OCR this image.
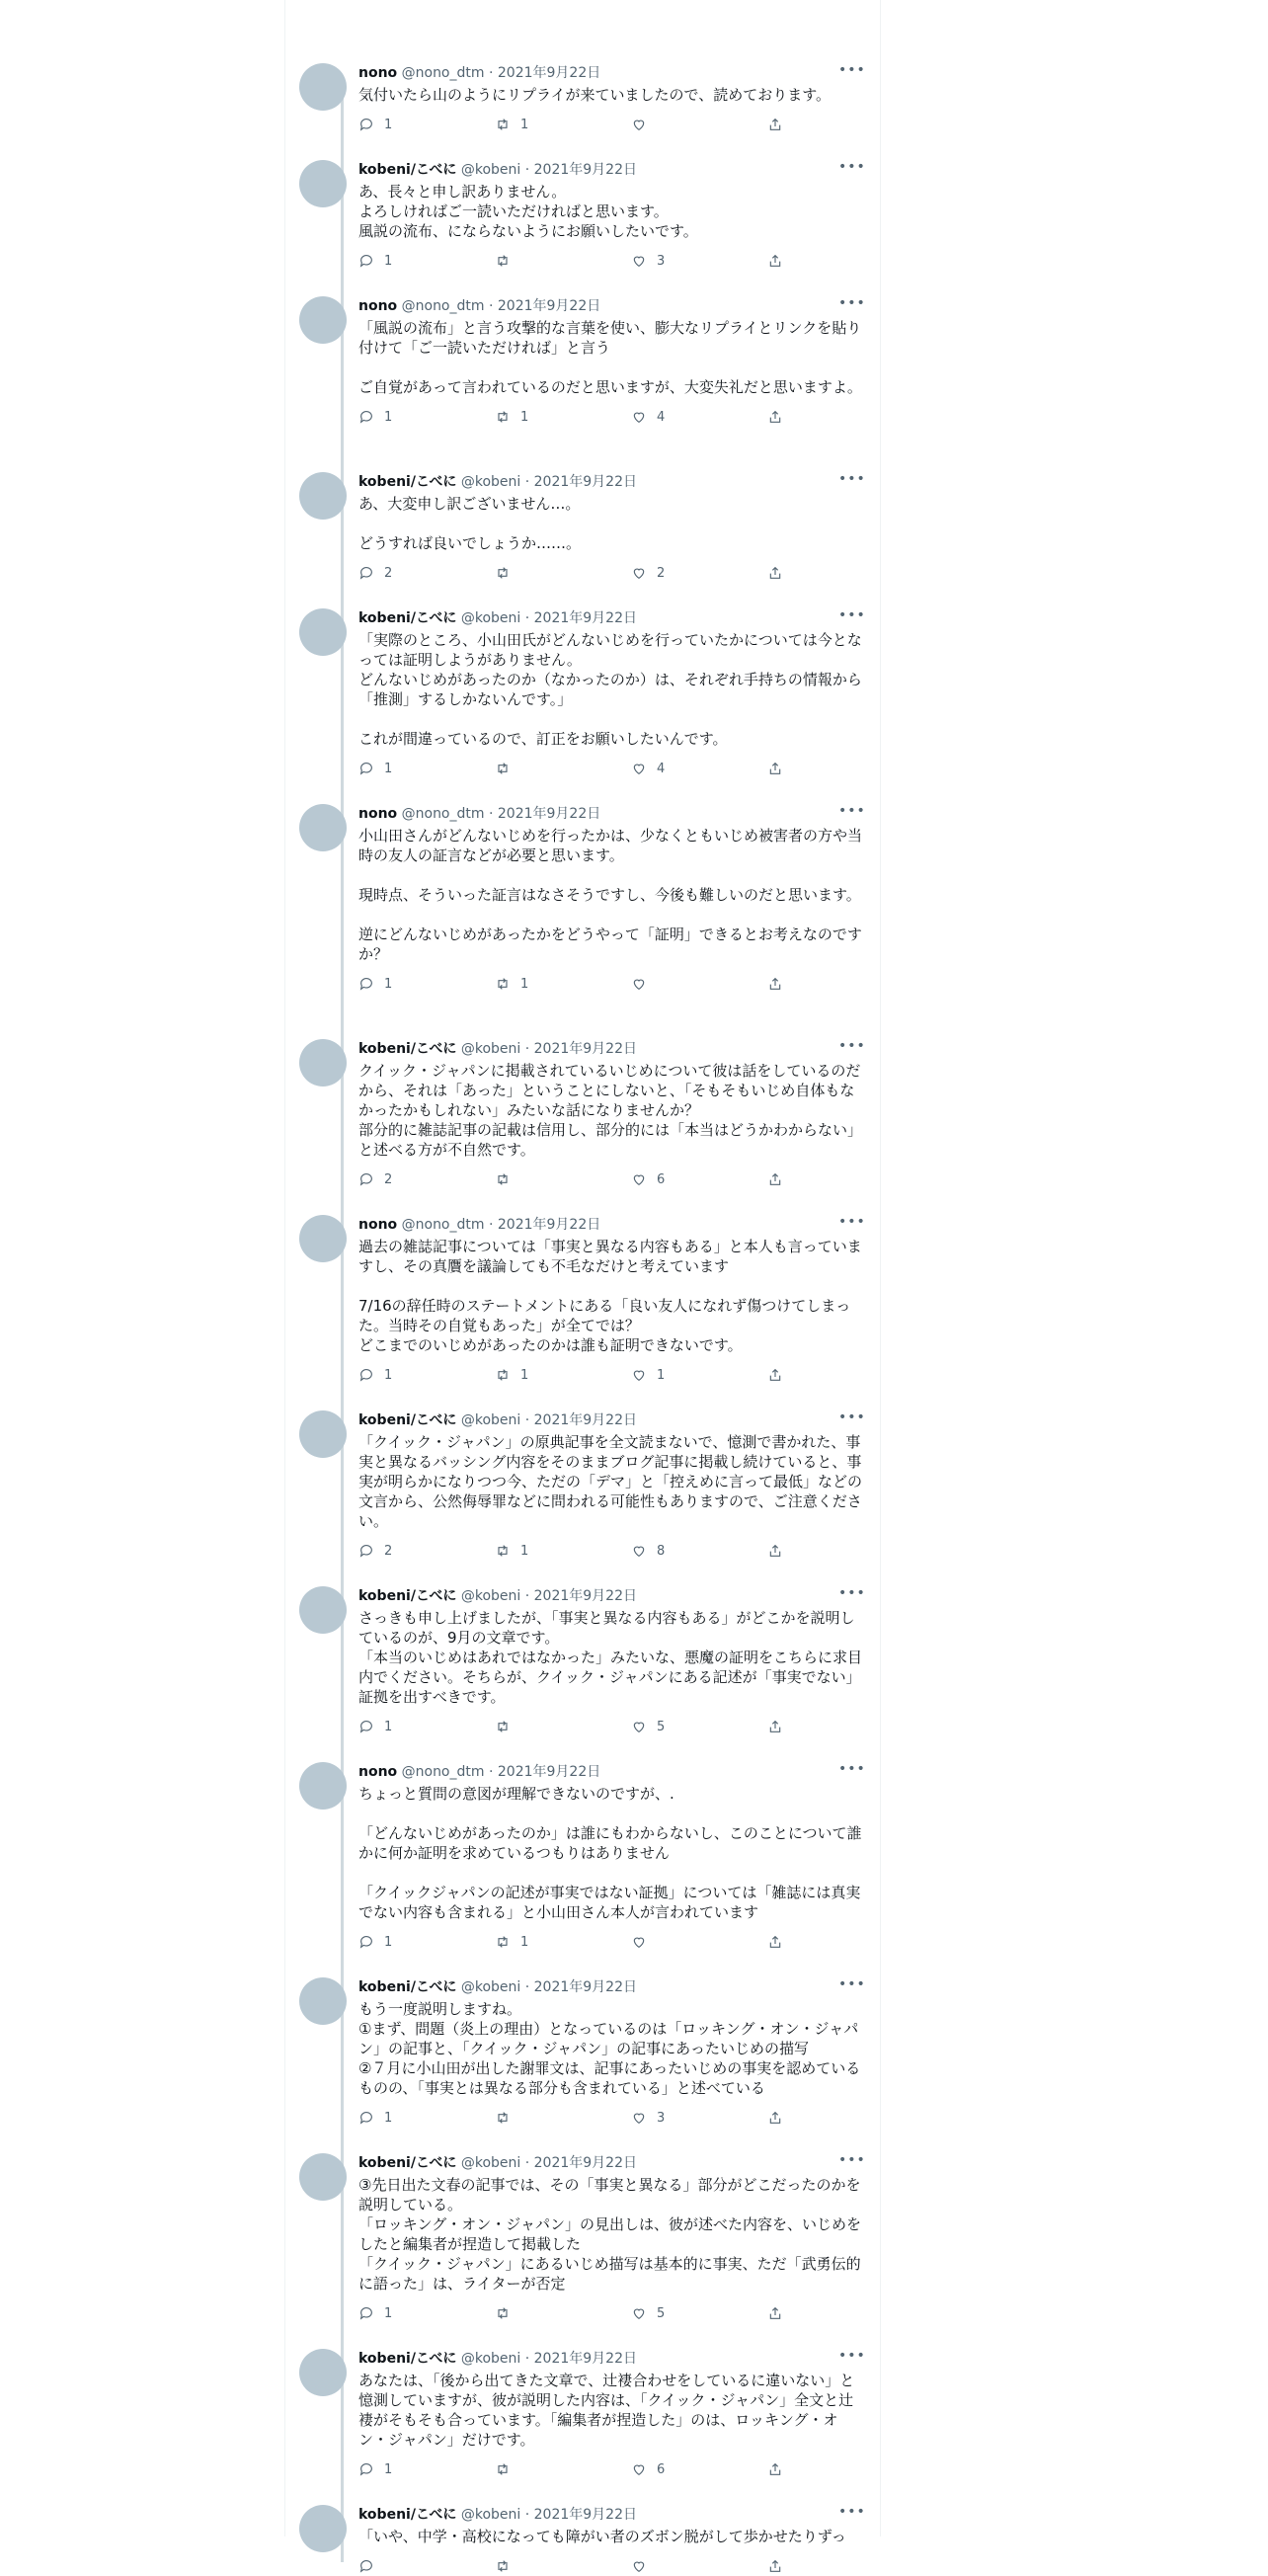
nono @nono_dtm · 2021年9月22日	•••
気付いたら山のようにリプライが来ていましたので、読めております。
1	1
kobeni/こべに @kobeni · 2021年9月22日	•••
あ、長々と申し訳ありません。
よろしければご一読いただければと思います。
風説の流布、にならないようにお願いしたいです。
1	3
nono @nono_dtm · 2021年9月22日	•••
「風説の流布」と言う攻撃的な言葉を使い、膨大なリプライとリンクを貼り付けて「ご一読いただければ」と言う

ご自覚があって言われているのだと思いますが、大変失礼だと思いますよ。
1	1	4
kobeni/こべに @kobeni · 2021年9月22日	•••
あ、大変申し訳ございません…。

どうすれば良いでしょうか……。
2	2
kobeni/こべに @kobeni · 2021年9月22日	•••
「実際のところ、小山田氏がどんないじめを行っていたかについては今となっては証明しようがありません。
どんないじめがあったのか（なかったのか）は、それぞれ手持ちの情報から「推測」するしかないんです。」

これが間違っているので、訂正をお願いしたいんです。
1	4
nono @nono_dtm · 2021年9月22日	•••
小山田さんがどんないじめを行ったかは、少なくともいじめ被害者の方や当時の友人の証言などが必要と思います。

現時点、そういった証言はなさそうですし、今後も難しいのだと思います。

逆にどんないじめがあったかをどうやって「証明」できるとお考えなのですか？
1	1
kobeni/こべに @kobeni · 2021年9月22日	•••
クイック・ジャパンに掲載されているいじめについて彼は話をしているのだから、それは「あった」ということにしないと、「そもそもいじめ自体もなかったかもしれない」みたいな話になりませんか？
部分的に雑誌記事の記載は信用し、部分的には「本当はどうかわからない」と述べる方が不自然です。
2	6
nono @nono_dtm · 2021年9月22日	•••
過去の雑誌記事については「事実と異なる内容もある」と本人も言っていますし、その真贋を議論しても不毛なだけと考えています

7/16の辞任時のステートメントにある「良い友人になれず傷つけてしまった。当時その自覚もあった」が全てでは？
どこまでのいじめがあったのかは誰も証明できないです。
1	1	1
kobeni/こべに @kobeni · 2021年9月22日	•••
「クイック・ジャパン」の原典記事を全文読まないで、憶測で書かれた、事実と異なるバッシング内容をそのままブログ記事に掲載し続けていると、事実が明らかになりつつ今、ただの「デマ」と「控えめに言って最低」などの文言から、公然侮辱罪などに問われる可能性もありますので、ご注意ください。
2	1	8
kobeni/こべに @kobeni · 2021年9月22日	•••
さっきも申し上げましたが、「事実と異なる内容もある」がどこかを説明しているのが、9月の文章です。
「本当のいじめはあれではなかった」みたいな、悪魔の証明をこちらに求目内でください。そちらが、クイック・ジャパンにある記述が「事実でない」証拠を出すべきです。
1	5
nono @nono_dtm · 2021年9月22日	•••
ちょっと質問の意図が理解できないのですが、.

「どんないじめがあったのか」は誰にもわからないし、このことについて誰かに何か証明を求めているつもりはありません

「クイックジャパンの記述が事実ではない証拠」については「雑誌には真実でない内容も含まれる」と小山田さん本人が言われています
1	1
kobeni/こべに @kobeni · 2021年9月22日	•••
もう一度説明しますね。
①まず、問題（炎上の理由）となっているのは「ロッキング・オン・ジャパン」の記事と、「クイック・ジャパン」の記事にあったいじめの描写
②７月に小山田が出した謝罪文は、記事にあったいじめの事実を認めているものの、「事実とは異なる部分も含まれている」と述べている
1	3
kobeni/こべに @kobeni · 2021年9月22日	•••
③先日出た文春の記事では、その「事実と異なる」部分がどこだったのかを説明している。
「ロッキング・オン・ジャパン」の見出しは、彼が述べた内容を、いじめをしたと編集者が捏造して掲載した
「クイック・ジャパン」にあるいじめ描写は基本的に事実、ただ「武勇伝的に語った」は、ライターが否定
1	5
kobeni/こべに @kobeni · 2021年9月22日	•••
あなたは、「後から出てきた文章で、辻褄合わせをしているに違いない」と憶測していますが、彼が説明した内容は、「クイック・ジャパン」全文と辻褄がそもそも合っています。「編集者が捏造した」のは、ロッキング・オン・ジャパン」だけです。
1	6
kobeni/こべに @kobeni · 2021年9月22日	•••
「いや、中学・高校になっても障がい者のズボン脱がして歩かせたりずっ
